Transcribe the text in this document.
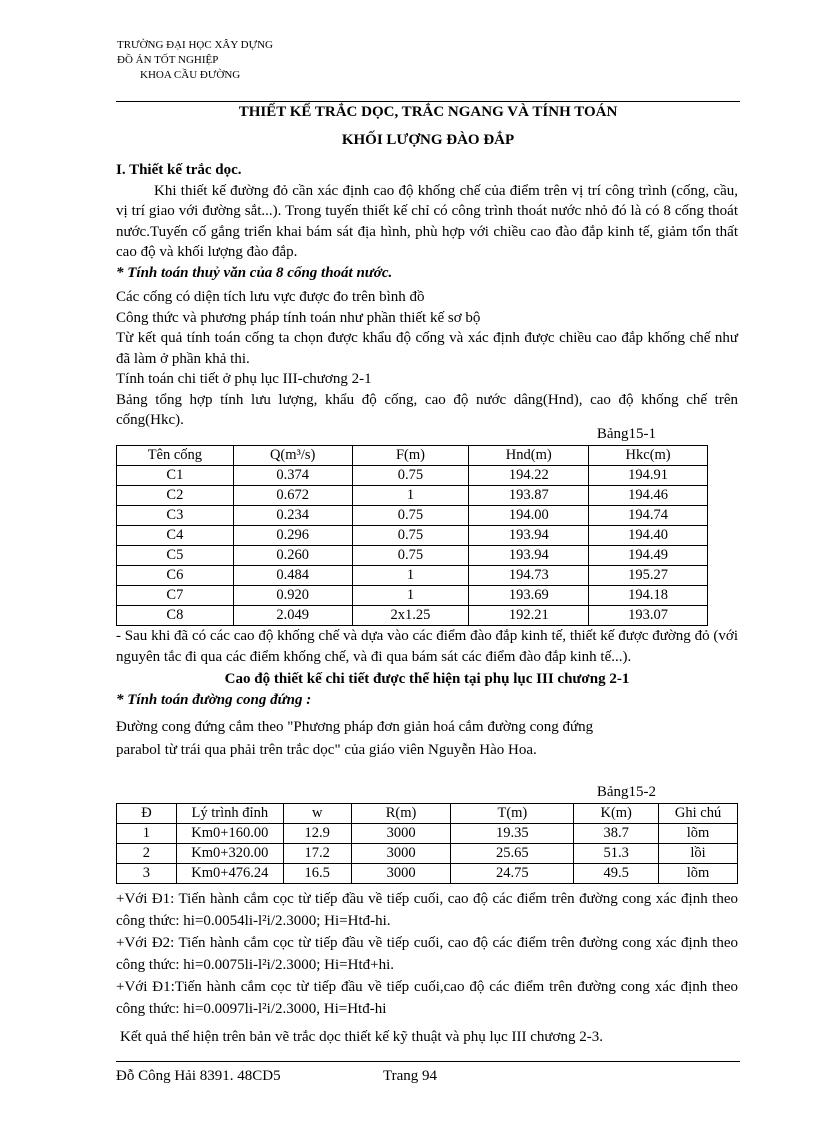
TRƯỜNG ĐẠI HỌC XÂY DỰNG
ĐỒ ÁN TỐT NGHIỆP
KHOA CẦU ĐƯỜNG
THIẾT KẾ TRẮC DỌC, TRẮC NGANG VÀ TÍNH TOÁN
KHỐI LƯỢNG ĐÀO ĐẮP

I. Thiết kế trắc dọc.

Khi thiết kế đường đỏ cần xác định cao độ khống chế của điểm trên vị trí công trình (cống, cầu, vị trí giao với đường sắt...). Trong tuyến thiết kế chỉ có công trình thoát nước nhỏ đó là có 8 cống thoát nước.Tuyến cố gắng triển khai bám sát địa hình, phù hợp với chiều cao đào đắp kinh tế, giảm tổn thất cao độ và khối lượng đào đắp.

* Tính toán thuỷ văn của 8 cống thoát nước.

Các cống có diện tích lưu vực được đo trên bình đồ

Công thức và phương pháp tính toán như phần thiết kế sơ bộ

Từ kết quả tính toán cống ta chọn được khẩu độ cống và xác định được chiều cao đắp khống chế như đã làm ở phần khả thi.

Tính toán chi tiết ở phụ lục III-chương 2-1

Bảng tổng hợp tính lưu lượng, khẩu độ cống, cao độ nước dâng(Hnd), cao độ khống chế trên cống(Hkc).

Bảng15-1
Tên cống	Q(m³/s)	F(m)	Hnd(m)	Hkc(m)
C1	0.374	0.75	194.22	194.91
C2	0.672	1	193.87	194.46
C3	0.234	0.75	194.00	194.74
C4	0.296	0.75	193.94	194.40
C5	0.260	0.75	193.94	194.49
C6	0.484	1	194.73	195.27
C7	0.920	1	193.69	194.18
C8	2.049	2x1.25	192.21	193.07

- Sau khi đã có các cao độ khống chế và dựa vào các điểm đào đắp kinh tế, thiết kế được đường đỏ (với nguyên tắc đi qua các điểm khống chế, và đi qua bám sát các điểm đào đắp kinh tế...).

Cao độ thiết kế chi tiết được thể hiện tại phụ lục III chương 2-1

* Tính toán đường cong đứng :

Đường cong đứng cắm theo "Phương pháp đơn giản hoá cắm đường cong đứng

parabol từ trái qua phải trên trắc dọc" của giáo viên Nguyễn Hào Hoa.

Bảng15-2
Đ	Lý trình đỉnh	w	R(m)	T(m)	K(m)	Ghi chú
1	Km0+160.00	12.9	3000	19.35	38.7	lõm
2	Km0+320.00	17.2	3000	25.65	51.3	lồi
3	Km0+476.24	16.5	3000	24.75	49.5	lõm

+Với Đ1: Tiến hành cắm cọc từ tiếp đầu về tiếp cuối, cao độ các điểm trên đường cong xác định theo công thức: hi=0.0054li-l²i/2.3000; Hi=Htđ-hi.

+Với Đ2: Tiến hành cắm cọc từ tiếp đầu về tiếp cuối, cao độ các điểm trên đường cong xác định theo công thức: hi=0.0075li-l²i/2.3000; Hi=Htđ+hi.

+Với Đ1:Tiến hành cắm cọc từ tiếp đầu về tiếp cuối,cao độ các điểm trên đường cong xác định theo công thức: hi=0.0097li-l²i/2.3000, Hi=Htđ-hi

Kết quả thể hiện trên bản vẽ trắc dọc thiết kế kỹ thuật và phụ lục III chương 2-3.

Đỗ Công Hải 8391. 48CD5	Trang 94
